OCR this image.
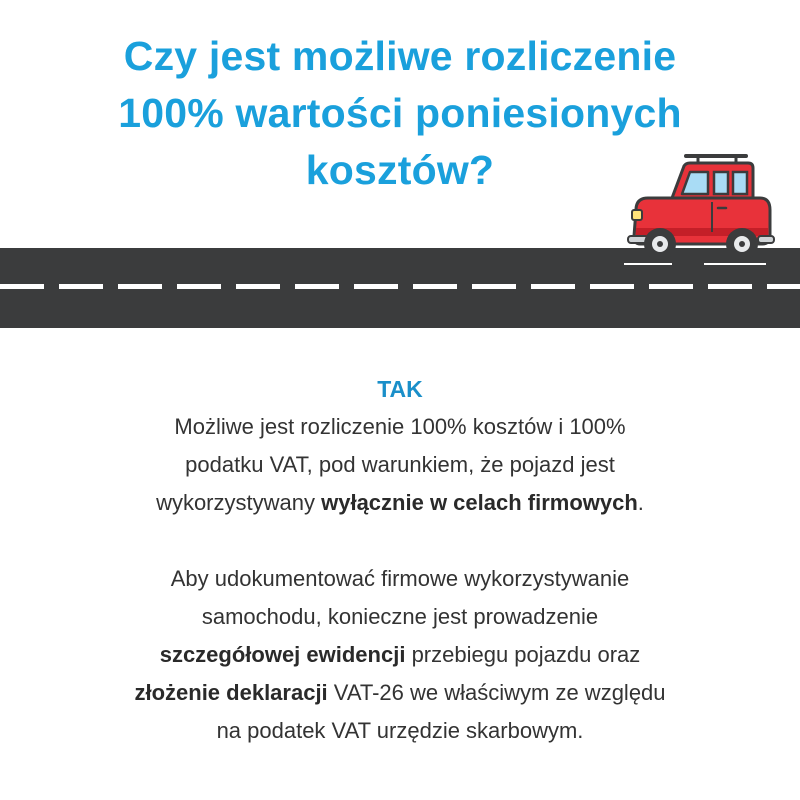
Czy jest możliwe rozliczenie
100% wartości poniesionych
kosztów?
TAK

Możliwe jest rozliczenie 100% kosztów i 100%
podatku VAT, pod warunkiem, że pojazd jest
wykorzystywany wyłącznie w celach firmowych.

Aby udokumentować firmowe wykorzystywanie
samochodu, konieczne jest prowadzenie
szczegółowej ewidencji przebiegu pojazdu oraz
złożenie deklaracji VAT-26 we właściwym ze względu
na podatek VAT urzędzie skarbowym.
